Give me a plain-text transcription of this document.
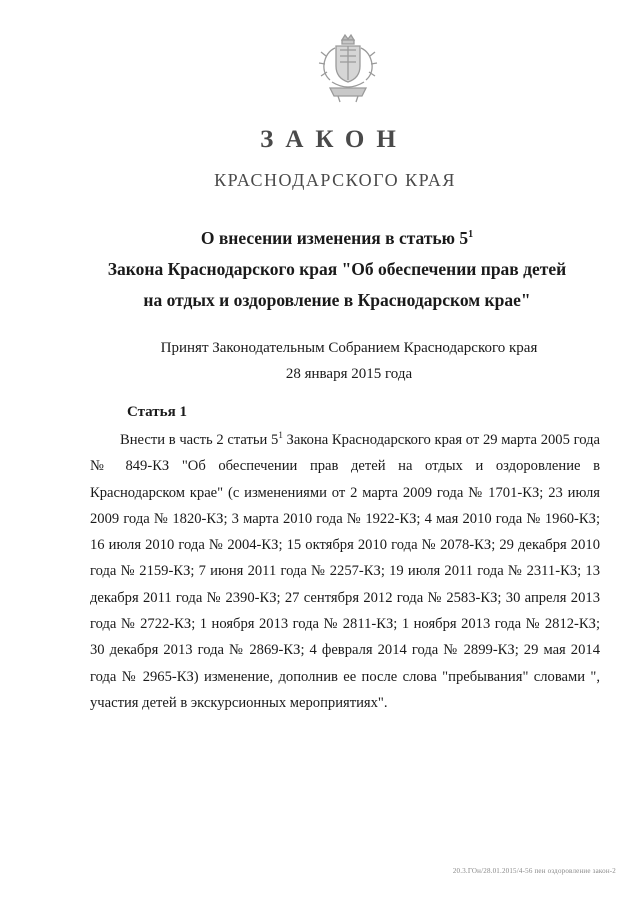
ЗАКОН
КРАСНОДАРСКОГО КРАЯ
О внесении изменения в статью $5^1$
Закона Краснодарского края "Об обеспечении прав детей
на отдых и оздоровление в Краснодарском крае"
Принят Законодательным Собранием Краснодарского края
28 января 2015 года
Статья 1

Внести в часть 2 статьи $5^1$ Закона Краснодарского края от 29 марта 2005 года № 849-КЗ "Об обеспечении прав детей на отдых и оздоровление в Краснодарском крае" (с изменениями от 2 марта 2009 года № 1701-КЗ; 23 июля 2009 года № 1820-КЗ; 3 марта 2010 года № 1922-КЗ; 4 мая 2010 года № 1960-КЗ; 16 июля 2010 года № 2004-КЗ; 15 октября 2010 года № 2078-КЗ; 29 декабря 2010 года № 2159-КЗ; 7 июня 2011 года № 2257-КЗ; 19 июля 2011 года № 2311-КЗ; 13 декабря 2011 года № 2390-КЗ; 27 сентября 2012 года № 2583-КЗ; 30 апреля 2013 года № 2722-КЗ; 1 ноября 2013 года № 2811-КЗ; 1 ноября 2013 года № 2812-КЗ; 30 декабря 2013 года № 2869-КЗ; 4 февраля 2014 года № 2899-КЗ; 29 мая 2014 года № 2965-КЗ) изменение, дополнив ее после слова "пребывания" словами ", участия детей в экскурсионных мероприятиях".

20.3.ГОн/28.01.2015/4-56 пен оздоровление закон-2
